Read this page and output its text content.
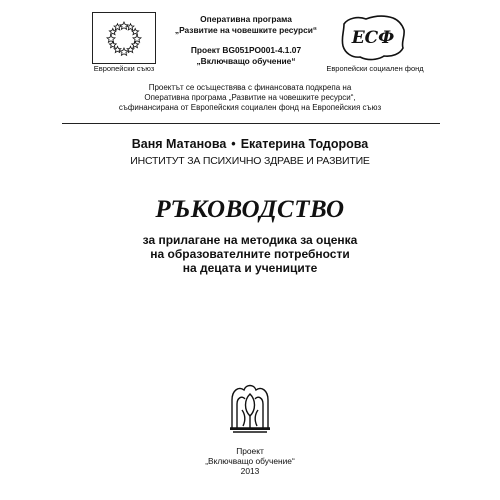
Европейски съюз
Оперативна програма
„Развитие на човешките ресурси“
Проект BG051PO001-4.1.07
„Включващо обучение“
ЕСФ
Европейски социален фонд
Проектът се осъществява с финансовата подкрепа на
Оперативна програма „Развитие на човешките ресурси“,
съфинансирана от Европейския социален фонд на Европейския съюз
Ваня Матанова • Екатерина Тодорова
ИНСТИТУТ ЗА ПСИХИЧНО ЗДРАВЕ И РАЗВИТИЕ
РЪКОВОДСТВО
за прилагане на методика за оценка
на образователните потребности
на децата и учениците
Проект
„Включващо обучение“
2013
